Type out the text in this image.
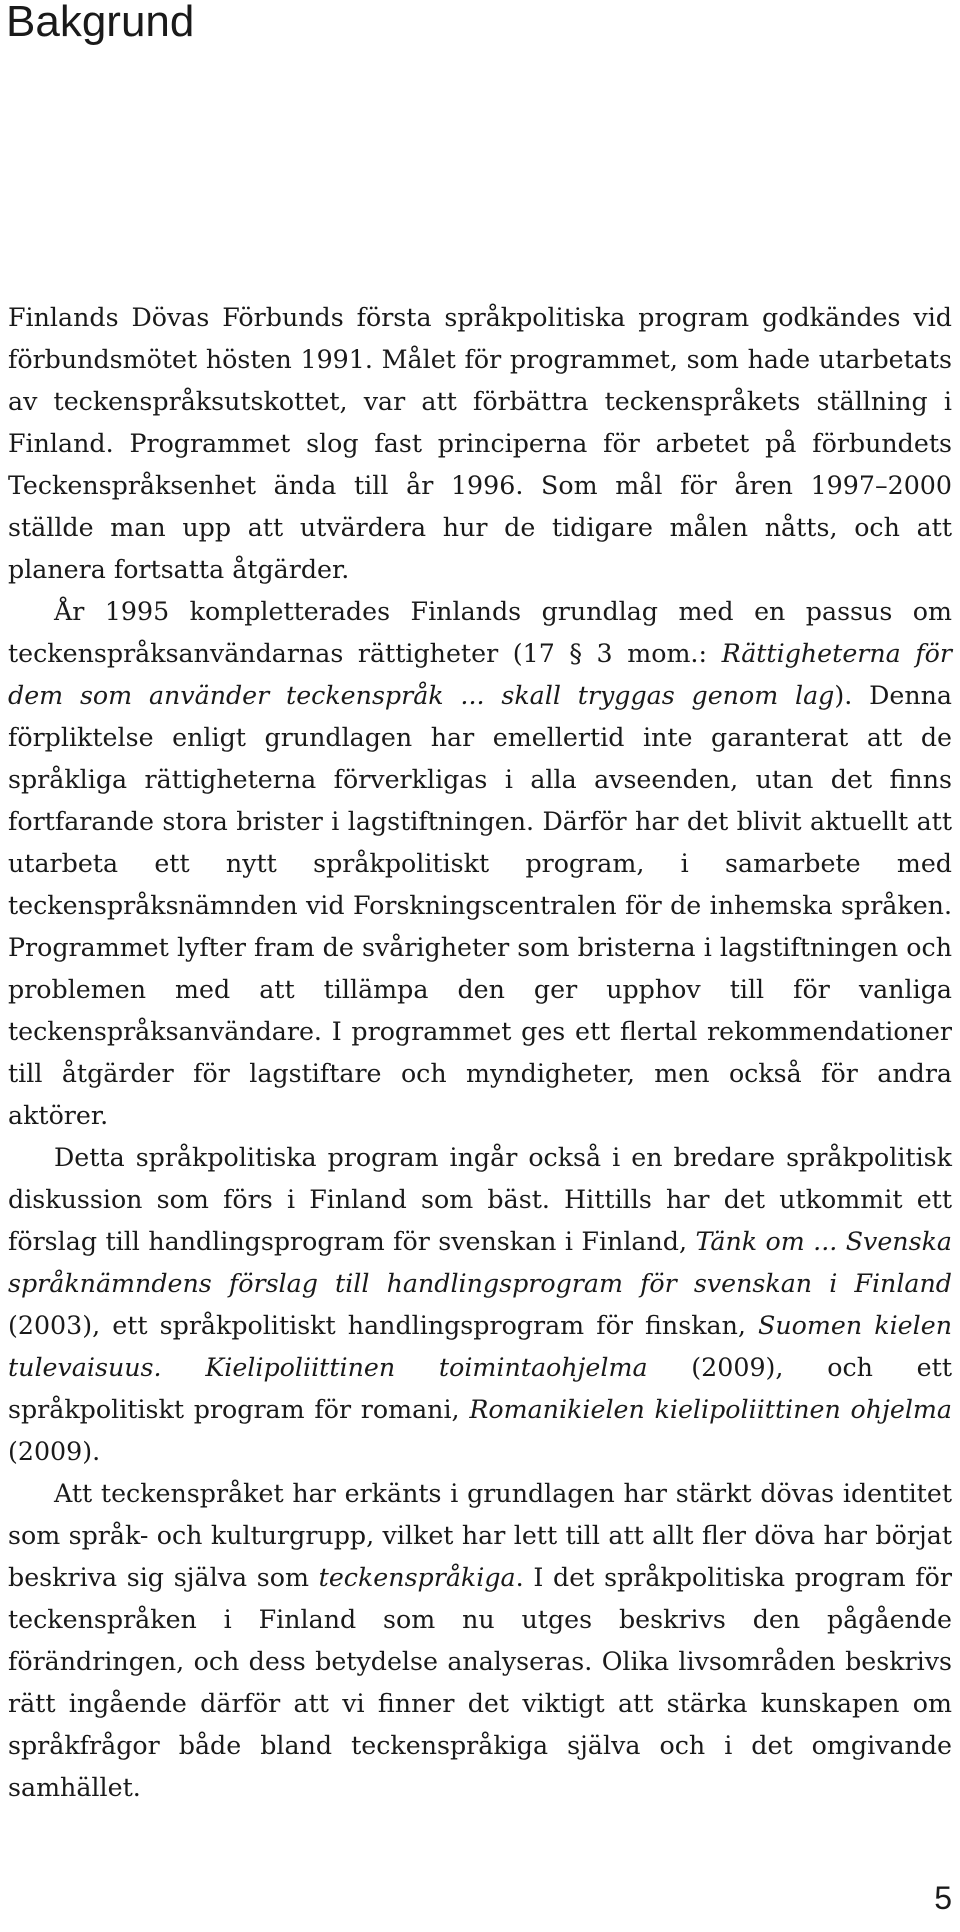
Bakgrund

Finlands Dövas Förbunds första språkpolitiska program godkändes vid förbundsmötet hösten 1991. Målet för programmet, som hade utarbetats av teckenspråksutskottet, var att förbättra teckenspråkets ställning i Finland. Programmet slog fast principerna för arbetet på förbundets Teckenspråksenhet ända till år 1996. Som mål för åren 1997–2000 ställde man upp att utvärdera hur de tidigare målen nåtts, och att planera fortsatta åtgärder.

År 1995 kompletterades Finlands grundlag med en passus om teckenspråksanvändarnas rättigheter (17 § 3 mom.: Rättigheterna för dem som använder teckenspråk ... skall tryggas genom lag). Denna förpliktelse enligt grundlagen har emellertid inte garanterat att de språkliga rättigheterna förverkligas i alla avseenden, utan det finns fortfarande stora brister i lagstiftningen. Därför har det blivit aktuellt att utarbeta ett nytt språkpolitiskt program, i samarbete med teckenspråksnämnden vid Forskningscentralen för de inhemska språken. Programmet lyfter fram de svårigheter som bristerna i lagstiftningen och problemen med att tillämpa den ger upphov till för vanliga teckenspråksanvändare. I programmet ges ett flertal rekommendationer till åtgärder för lagstiftare och myndigheter, men också för andra aktörer.

Detta språkpolitiska program ingår också i en bredare språkpolitisk diskussion som förs i Finland som bäst. Hittills har det utkommit ett förslag till handlingsprogram för svenskan i Finland, Tänk om ... Svenska språknämndens förslag till handlingsprogram för svenskan i Finland (2003), ett språkpolitiskt handlingsprogram för finskan, Suomen kielen tulevaisuus. Kielipoliittinen toimintaohjelma (2009), och ett språkpolitiskt program för romani, Romanikielen kielipoliittinen ohjelma (2009).

Att teckenspråket har erkänts i grundlagen har stärkt dövas identitet som språk- och kulturgrupp, vilket har lett till att allt fler döva har börjat beskriva sig själva som teckenspråkiga. I det språkpolitiska program för teckenspråken i Finland som nu utges beskrivs den pågående förändringen, och dess betydelse analyseras. Olika livsområden beskrivs rätt ingående därför att vi finner det viktigt att stärka kunskapen om språkfrågor både bland teckenspråkiga själva och i det omgivande samhället.

5
